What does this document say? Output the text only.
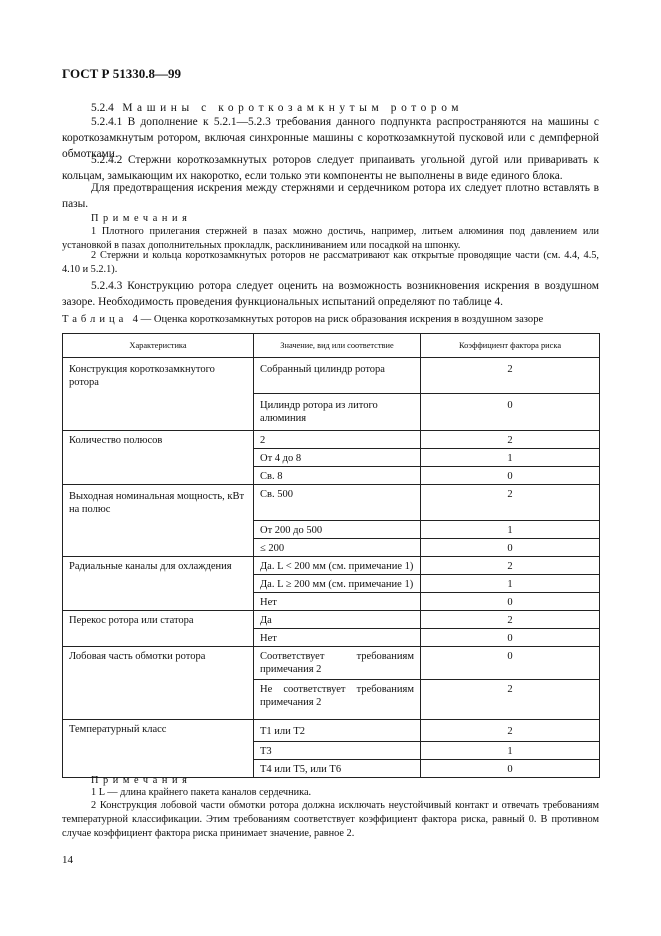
ГОСТ Р 51330.8—99
5.2.4 Машины с короткозамкнутым ротором
5.2.4.1 В дополнение к 5.2.1—5.2.3 требования данного подпункта распространяются на машины с короткозамкнутым ротором, включая синхронные машины с короткозамкнутой пусковой или с демпферной обмотками.
5.2.4.2 Стержни короткозамкнутых роторов следует припаивать угольной дугой или приваривать к кольцам, замыкающим их накоротко, если только эти компоненты не выполнены в виде единого блока.
Для предотвращения искрения между стержнями и сердечником ротора их следует плотно вставлять в пазы.
Примечания
1 Плотного прилегания стержней в пазах можно достичь, например, литьем алюминия под давлением или установкой в пазах дополнительных прокладлк, расклиниванием или посадкой на шпонку.
2 Стержни и кольца короткозамкнутых роторов не рассматривают как открытые проводящие части (см. 4.4, 4.5, 4.10 и 5.2.1).
5.2.4.3 Конструкцию ротора следует оценить на возможность возникновения искрения в воздушном зазоре. Необходимость проведения функциональных испытаний определяют по таблице 4.
Таблица 4 — Оценка короткозамкнутых роторов на риск образования искрения в воздушном зазоре
Характеристика	Значение, вид или соответствие	Коэффициент фактора риска
Конструкция короткозамкнутого ротора	Собранный цилиндр ротора	2
	Цилиндр ротора из литого алюминия	0
Количество полюсов	2	2
	От 4 до 8	1
	Св. 8	0
Выходная номинальная мощность, кВт на полюс	Св. 500	2
	От 200 до 500	1
	≤ 200	0
Радиальные каналы для охлаждения	Да. L < 200 мм (см. примечание 1)	2
	Да. L ≥ 200 мм (см. примечание 1)	1
	Нет	0
Перекос ротора или статора	Да	2
	Нет	0
Лобовая часть обмотки ротора	Соответствует требованиям примечания 2	0
	Не соответствует требованиям примечания 2	2
Температурный класс	Т1 или Т2	2
	Т3	1
	Т4 или Т5, или Т6	0
Примечания
1 L — длина крайнего пакета каналов сердечника.
2 Конструкция лобовой части обмотки ротора должна исключать неустойчивый контакт и отвечать требованиям температурной классификации. Этим требованиям соответствует коэффициент фактора риска, равный 0. В противном случае коэффициент фактора риска принимает значение, равное 2.
14
